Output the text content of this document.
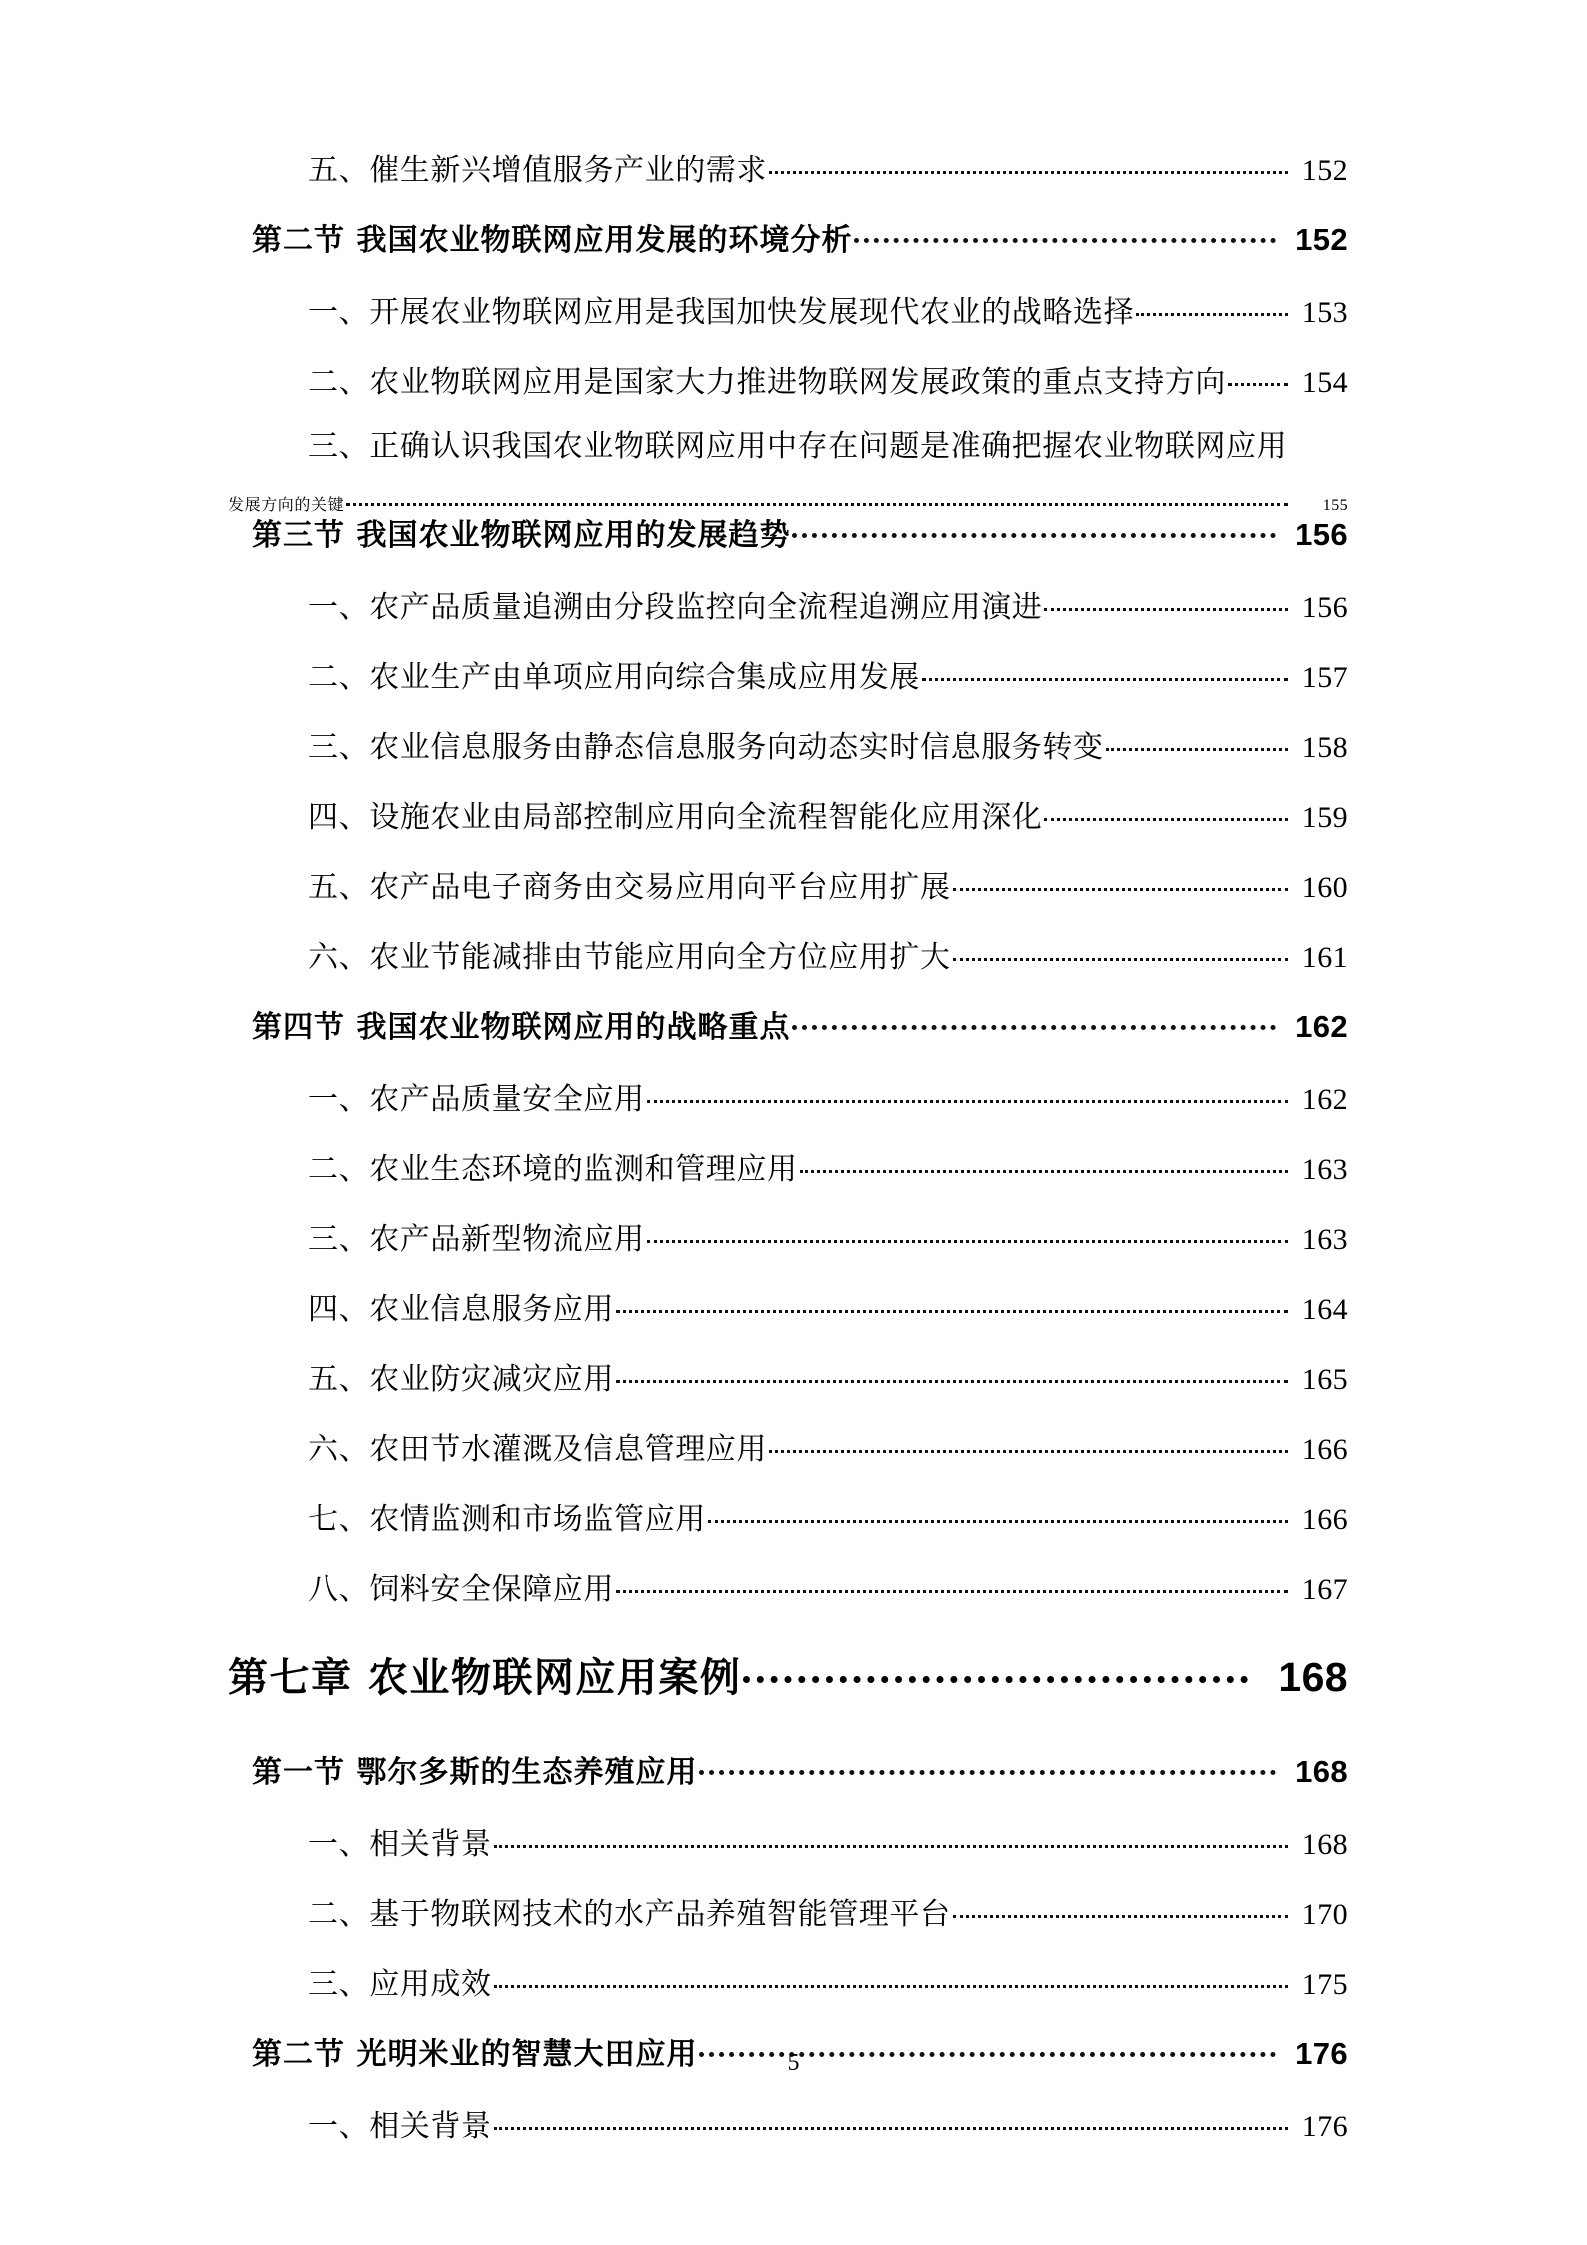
五、催生新兴增值服务产业的需求	152
第二节 我国农业物联网应用发展的环境分析	152
一、开展农业物联网应用是我国加快发展现代农业的战略选择	153
二、农业物联网应用是国家大力推进物联网发展政策的重点支持方向	154
三、正确认识我国农业物联网应用中存在问题是准确把握农业物联网应用
发展方向的关键	155
第三节 我国农业物联网应用的发展趋势	156
一、农产品质量追溯由分段监控向全流程追溯应用演进	156
二、农业生产由单项应用向综合集成应用发展	157
三、农业信息服务由静态信息服务向动态实时信息服务转变	158
四、设施农业由局部控制应用向全流程智能化应用深化	159
五、农产品电子商务由交易应用向平台应用扩展	160
六、农业节能减排由节能应用向全方位应用扩大	161
第四节 我国农业物联网应用的战略重点	162
一、农产品质量安全应用	162
二、农业生态环境的监测和管理应用	163
三、农产品新型物流应用	163
四、农业信息服务应用	164
五、农业防灾减灾应用	165
六、农田节水灌溉及信息管理应用	166
七、农情监测和市场监管应用	166
八、饲料安全保障应用	167
第七章 农业物联网应用案例	168
第一节 鄂尔多斯的生态养殖应用	168
一、相关背景	168
二、基于物联网技术的水产品养殖智能管理平台	170
三、应用成效	175
第二节 光明米业的智慧大田应用	176
一、相关背景	176
5
